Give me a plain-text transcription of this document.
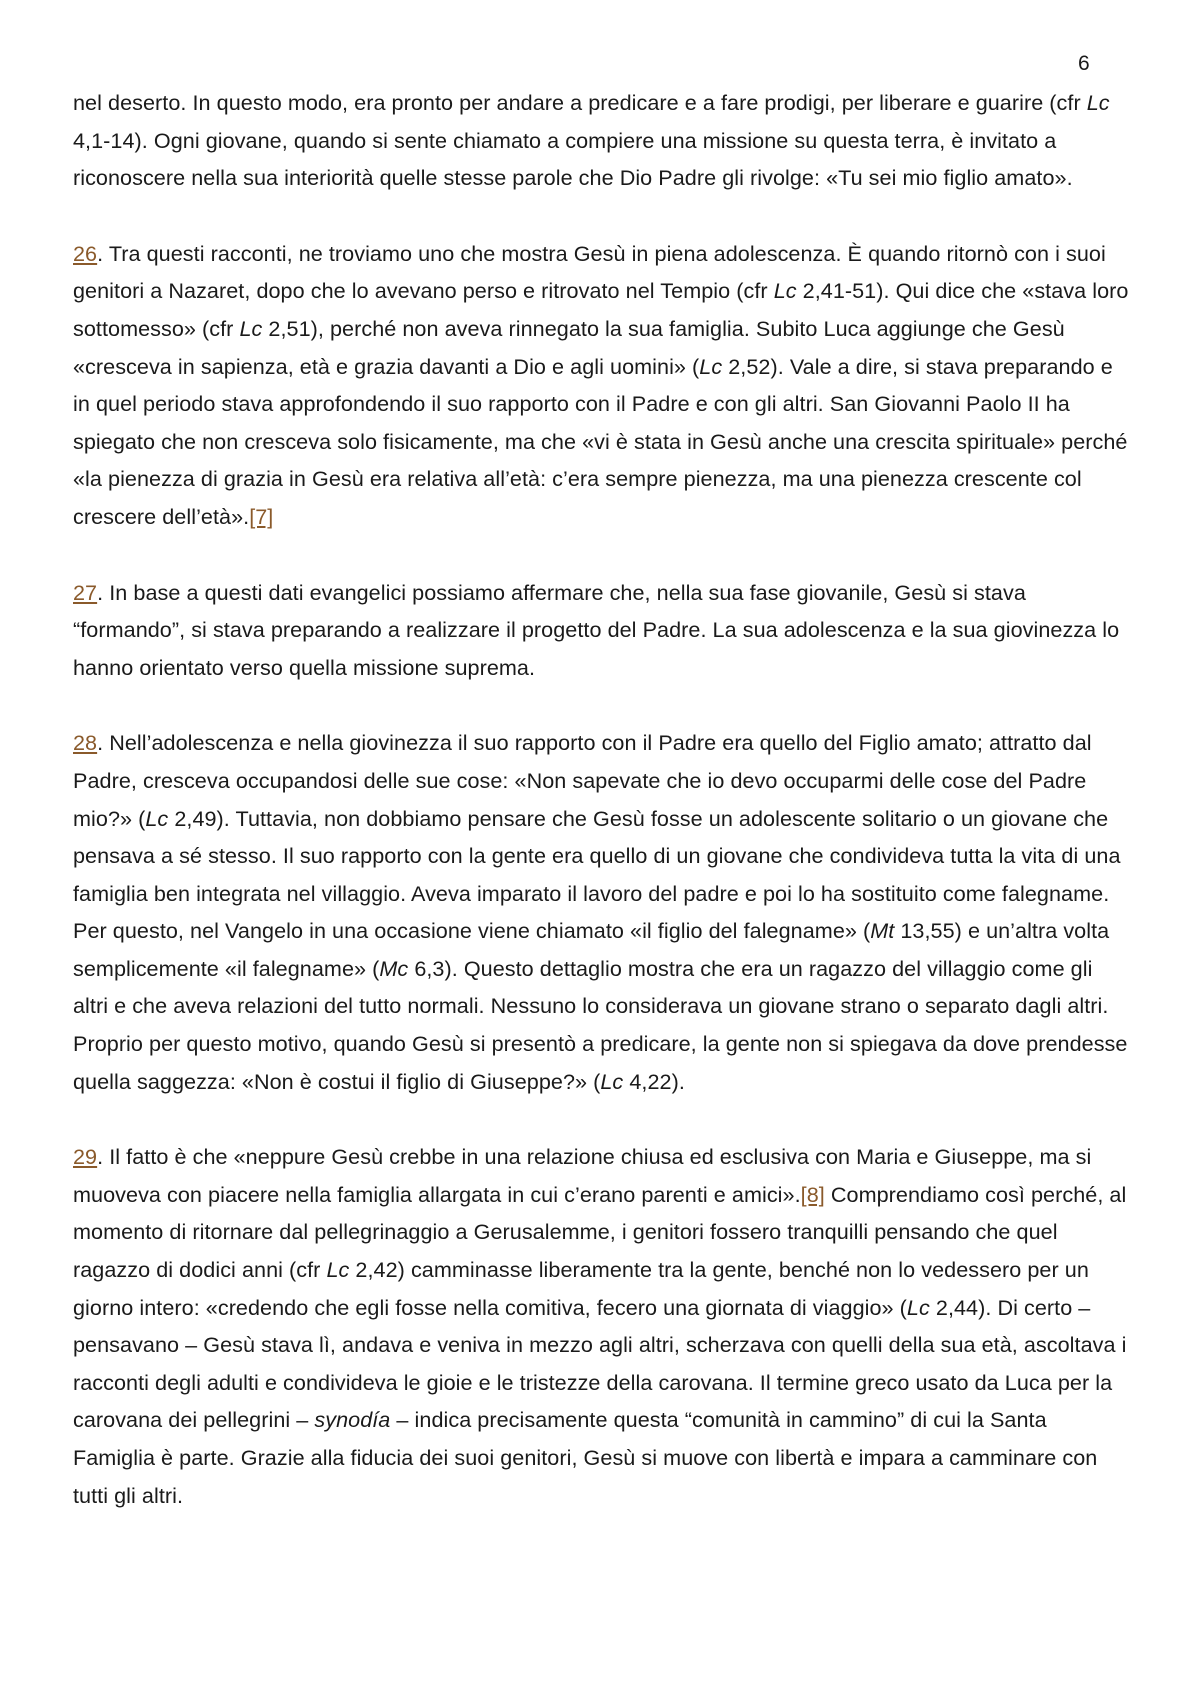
6

nel deserto. In questo modo, era pronto per andare a predicare e a fare prodigi, per liberare e guarire (cfr Lc 4,1-14). Ogni giovane, quando si sente chiamato a compiere una missione su questa terra, è invitato a riconoscere nella sua interiorità quelle stesse parole che Dio Padre gli rivolge: «Tu sei mio figlio amato».

26. Tra questi racconti, ne troviamo uno che mostra Gesù in piena adolescenza. È quando ritornò con i suoi genitori a Nazaret, dopo che lo avevano perso e ritrovato nel Tempio (cfr Lc 2,41-51). Qui dice che «stava loro sottomesso» (cfr Lc 2,51), perché non aveva rinnegato la sua famiglia. Subito Luca aggiunge che Gesù «cresceva in sapienza, età e grazia davanti a Dio e agli uomini» (Lc 2,52). Vale a dire, si stava preparando e in quel periodo stava approfondendo il suo rapporto con il Padre e con gli altri. San Giovanni Paolo II ha spiegato che non cresceva solo fisicamente, ma che «vi è stata in Gesù anche una crescita spirituale» perché «la pienezza di grazia in Gesù era relativa all’età: c’era sempre pienezza, ma una pienezza crescente col crescere dell’età».[7]

27. In base a questi dati evangelici possiamo affermare che, nella sua fase giovanile, Gesù si stava “formando”, si stava preparando a realizzare il progetto del Padre. La sua adolescenza e la sua giovinezza lo hanno orientato verso quella missione suprema.

28. Nell’adolescenza e nella giovinezza il suo rapporto con il Padre era quello del Figlio amato; attratto dal Padre, cresceva occupandosi delle sue cose: «Non sapevate che io devo occuparmi delle cose del Padre mio?» (Lc 2,49). Tuttavia, non dobbiamo pensare che Gesù fosse un adolescente solitario o un giovane che pensava a sé stesso. Il suo rapporto con la gente era quello di un giovane che condivideva tutta la vita di una famiglia ben integrata nel villaggio. Aveva imparato il lavoro del padre e poi lo ha sostituito come falegname. Per questo, nel Vangelo in una occasione viene chiamato «il figlio del falegname» (Mt 13,55) e un’altra volta semplicemente «il falegname» (Mc 6,3). Questo dettaglio mostra che era un ragazzo del villaggio come gli altri e che aveva relazioni del tutto normali. Nessuno lo considerava un giovane strano o separato dagli altri. Proprio per questo motivo, quando Gesù si presentò a predicare, la gente non si spiegava da dove prendesse quella saggezza: «Non è costui il figlio di Giuseppe?» (Lc 4,22).

29. Il fatto è che «neppure Gesù crebbe in una relazione chiusa ed esclusiva con Maria e Giuseppe, ma si muoveva con piacere nella famiglia allargata in cui c’erano parenti e amici».[8] Comprendiamo così perché, al momento di ritornare dal pellegrinaggio a Gerusalemme, i genitori fossero tranquilli pensando che quel ragazzo di dodici anni (cfr Lc 2,42) camminasse liberamente tra la gente, benché non lo vedessero per un giorno intero: «credendo che egli fosse nella comitiva, fecero una giornata di viaggio» (Lc 2,44). Di certo – pensavano – Gesù stava lì, andava e veniva in mezzo agli altri, scherzava con quelli della sua età, ascoltava i racconti degli adulti e condivideva le gioie e le tristezze della carovana. Il termine greco usato da Luca per la carovana dei pellegrini – synodía – indica precisamente questa “comunità in cammino” di cui la Santa Famiglia è parte. Grazie alla fiducia dei suoi genitori, Gesù si muove con libertà e impara a camminare con tutti gli altri.
